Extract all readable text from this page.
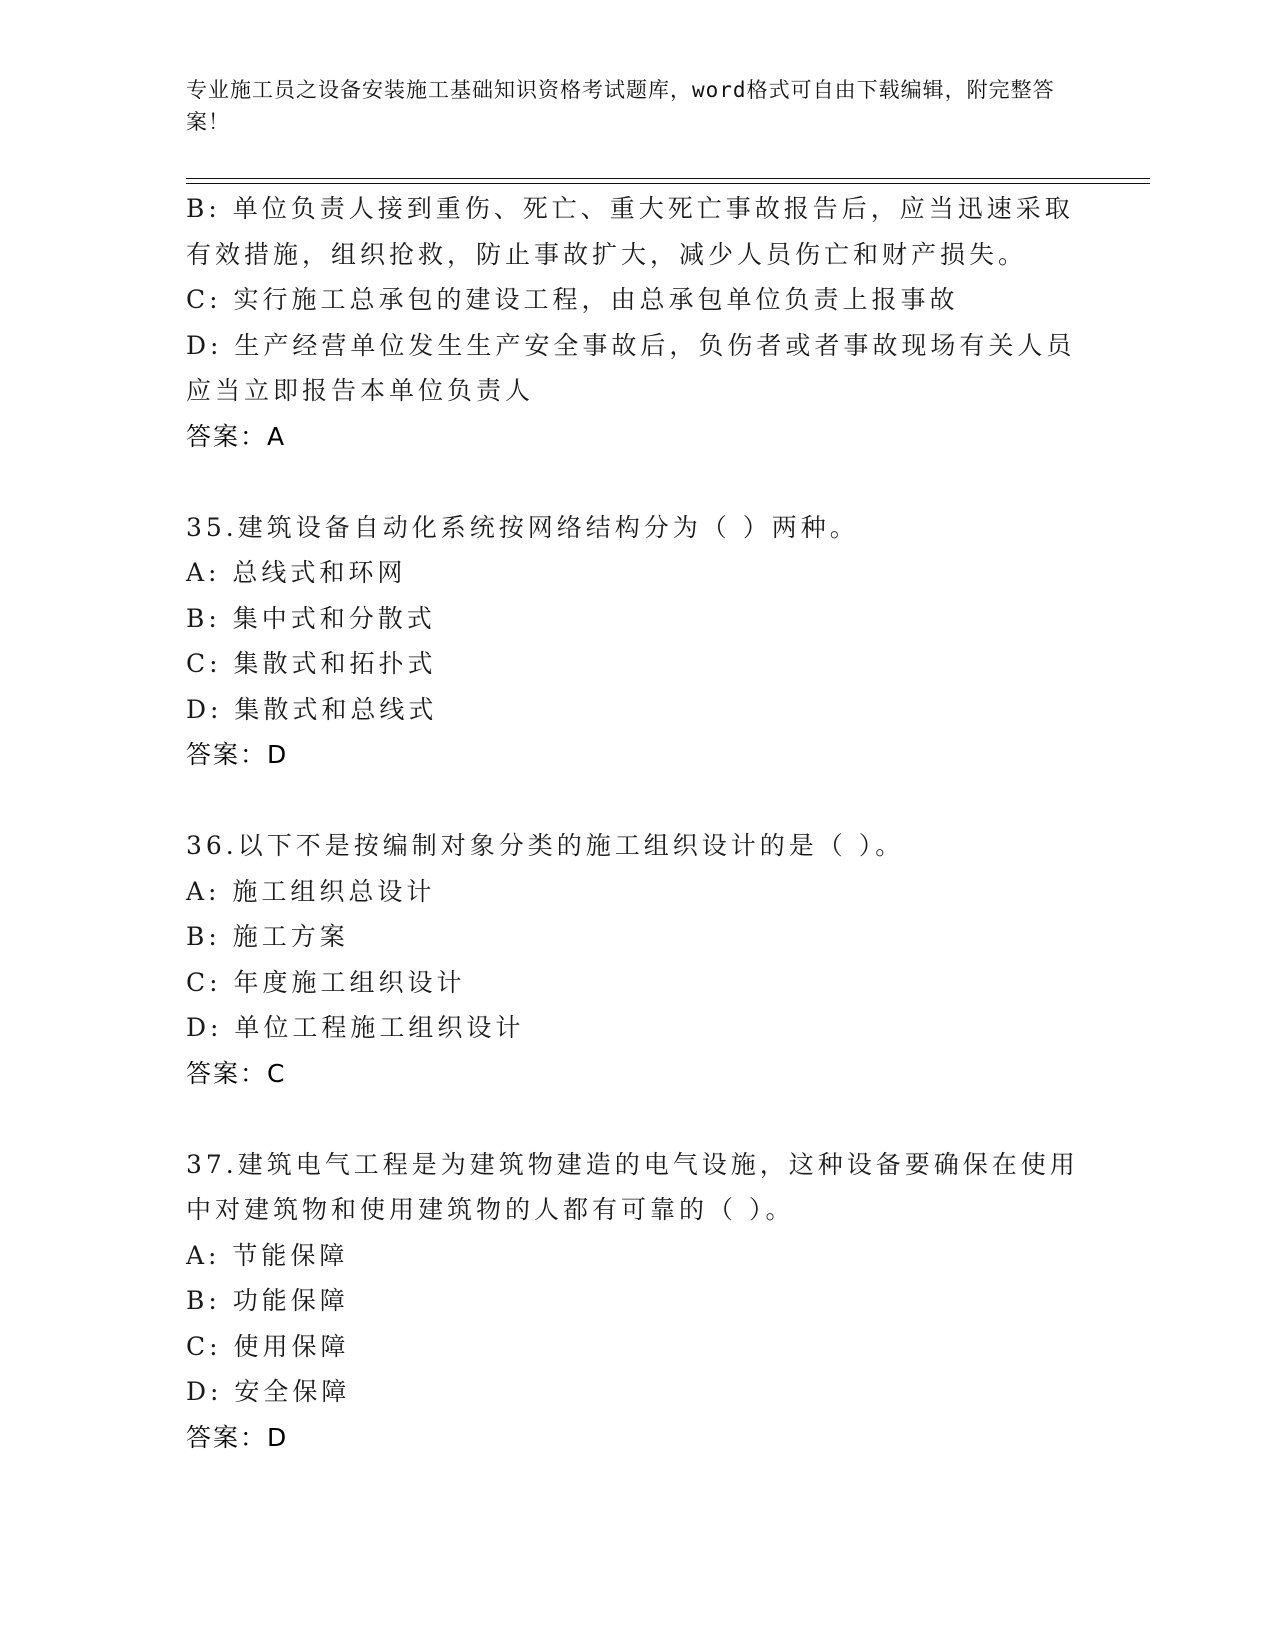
专业施工员之设备安装施工基础知识资格考试题库，word格式可自由下载编辑，附完整答案！
B: 单位负责人接到重伤、死亡、重大死亡事故报告后，应当迅速采取
有效措施，组织抢救，防止事故扩大，减少人员伤亡和财产损失。
C: 实行施工总承包的建设工程，由总承包单位负责上报事故
D: 生产经营单位发生生产安全事故后，负伤者或者事故现场有关人员
应当立即报告本单位负责人
答案：A
35.建筑设备自动化系统按网络结构分为（ ）两种。
A: 总线式和环网
B: 集中式和分散式
C: 集散式和拓扑式
D: 集散式和总线式
答案：D
36.以下不是按编制对象分类的施工组织设计的是（ ）。
A: 施工组织总设计
B: 施工方案
C: 年度施工组织设计
D: 单位工程施工组织设计
答案：C
37.建筑电气工程是为建筑物建造的电气设施，这种设备要确保在使用
中对建筑物和使用建筑物的人都有可靠的（ ）。
A: 节能保障
B: 功能保障
C: 使用保障
D: 安全保障
答案：D
